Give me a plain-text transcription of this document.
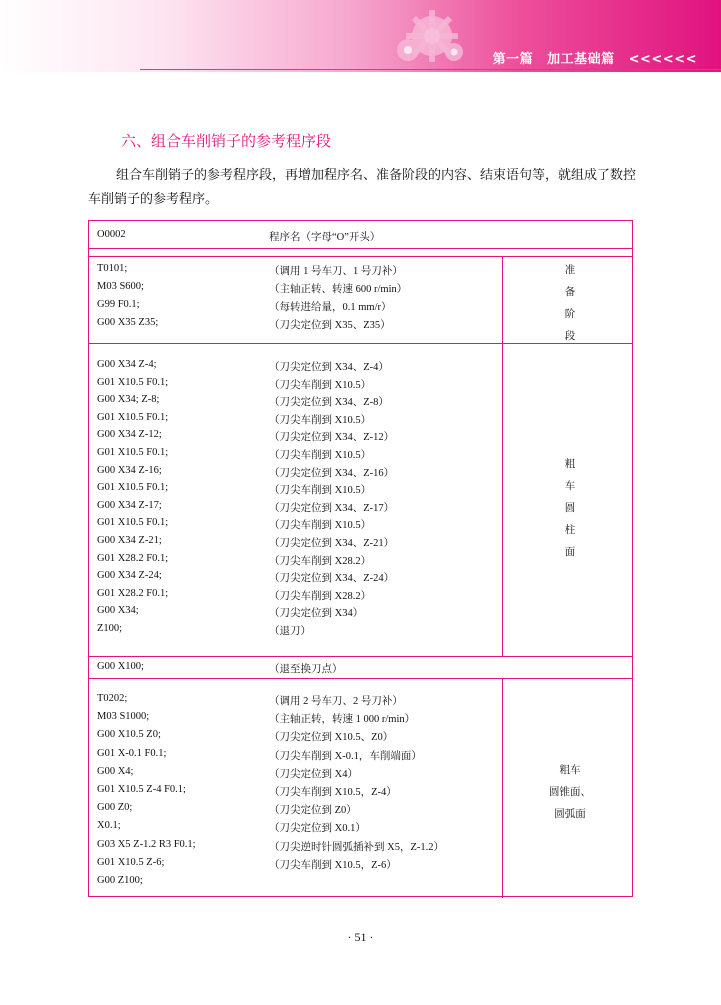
第一篇 加工基础篇 <<<<<<
六、组合车削销子的参考程序段
组合车削销子的参考程序段，再增加程序名、准备阶段的内容、结束语句等，就组成了数控车削销子的参考程序。
O0002	程序名（字母“O”开头）
T0101;	（调用 1 号车刀、1 号刀补）
M03 S600;	（主轴正转、转速 600 r/min）
G99 F0.1;	（每转进给量，0.1 mm/r）
G00 X35 Z35;	（刀尖定位到 X35、Z35）
准
备
阶
段
G00 X34 Z-4;	（刀尖定位到 X34、Z-4）
G01 X10.5 F0.1;	（刀尖车削到 X10.5）
G00 X34; Z-8;	（刀尖定位到 X34、Z-8）
G01 X10.5 F0.1;	（刀尖车削到 X10.5）
G00 X34 Z-12;	（刀尖定位到 X34、Z-12）
G01 X10.5 F0.1;	（刀尖车削到 X10.5）
G00 X34 Z-16;	（刀尖定位到 X34、Z-16）
G01 X10.5 F0.1;	（刀尖车削到 X10.5）
G00 X34 Z-17;	（刀尖定位到 X34、Z-17）
G01 X10.5 F0.1;	（刀尖车削到 X10.5）
G00 X34 Z-21;	（刀尖定位到 X34、Z-21）
G01 X28.2 F0.1;	（刀尖车削到 X28.2）
G00 X34 Z-24;	（刀尖定位到 X34、Z-24）
G01 X28.2 F0.1;	（刀尖车削到 X28.2）
G00 X34;	（刀尖定位到 X34）
Z100;	（退刀）
粗
车
圆
柱
面
G00 X100;	（退至换刀点）
T0202;	（调用 2 号车刀、2 号刀补）
M03 S1000;	（主轴正转，转速 1 000 r/min）
G00 X10.5 Z0;	（刀尖定位到 X10.5、Z0）
G01 X-0.1 F0.1;	（刀尖车削到 X-0.1，车削端面）
G00 X4;	（刀尖定位到 X4）
G01 X10.5 Z-4 F0.1;	（刀尖车削到 X10.5，Z-4）
G00 Z0;	（刀尖定位到 Z0）
X0.1;	（刀尖定位到 X0.1）
G03 X5 Z-1.2 R3 F0.1;	（刀尖逆时针圆弧插补到 X5，Z-1.2）
G01 X10.5 Z-6;	（刀尖车削到 X10.5，Z-6）
G00 Z100;
粗车
圆锥面、
圆弧面
· 51 ·
